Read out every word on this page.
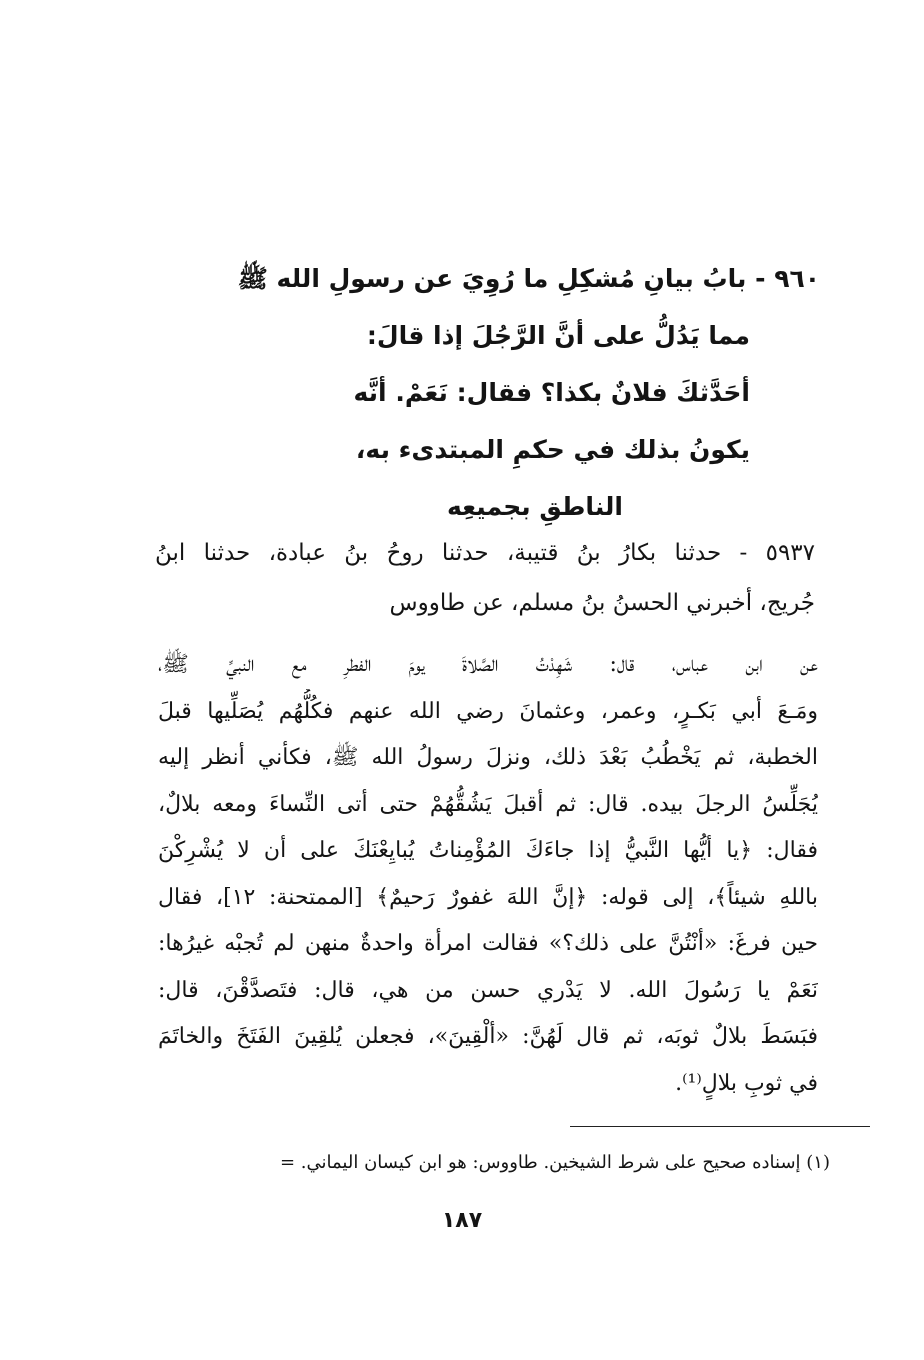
٩٦٠ - بابُ بيانِ مُشكِلِ ما رُوِيَ عن رسولِ الله ﷺ
مما يَدُلُّ على أنَّ الرَّجُلَ إذا قالَ:
أحَدَّثكَ فلانٌ بكذا؟ فقال: نَعَمْ. أنَّه
يكونُ بذلك في حكمِ المبتدىء به،
الناطقِ بجميعِه
٥٩٣٧ - حدثنا بكارُ بنُ قتيبة، حدثنا روحُ بنُ عبادة، حدثنا ابنُ
جُريج، أخبرني الحسنُ بنُ مسلم، عن طاووس
عن ابن عباس، قال: شَهِدْتُ الصَّلاةَ يومَ الفطرِ مع النبيِّ ﷺ،
ومَـعَ أبي بَكـرٍ، وعمر، وعثمانَ رضي الله عنهم فكُلُّهُم يُصَلِّيها قبلَ
الخطبة، ثم يَخْطُبُ بَعْدَ ذلك، ونزلَ رسولُ الله ﷺ، فكأني أنظر إليه
يُجَلِّسُ الرجلَ بيده. قال: ثم أقبلَ يَشُقُّهُمْ حتى أتى النِّساءَ ومعه بلالٌ،
فقال: ﴿يا أيُّها النَّبيُّ إذا جاءَكَ المُؤْمِناتُ يُبايِعْنَكَ على أن لا يُشْرِكْنَ
باللهِ شيئاً﴾، إلى قوله: ﴿إنَّ اللهَ غفورٌ رَحيمٌ﴾ [الممتحنة: ١٢]، فقال
حين فرغَ: «أنْتُنَّ على ذلك؟» فقالت امرأة واحدةٌ منهن لم تُجبْه غيرُها:
نَعَمْ يا رَسُولَ الله. لا يَدْري حسن من هي، قال: فتَصدَّقْنَ، قال:
فبَسَطَ بلالٌ ثوبَه، ثم قال لَهُنَّ: «ألْقِينَ»، فجعلن يُلقِينَ الفَتَخَ والخاتَمَ
في ثوبِ بلالٍ⁽¹⁾.
(١) إسناده صحيح على شرط الشيخين. طاووس: هو ابن كيسان اليماني. =
١٨٧
